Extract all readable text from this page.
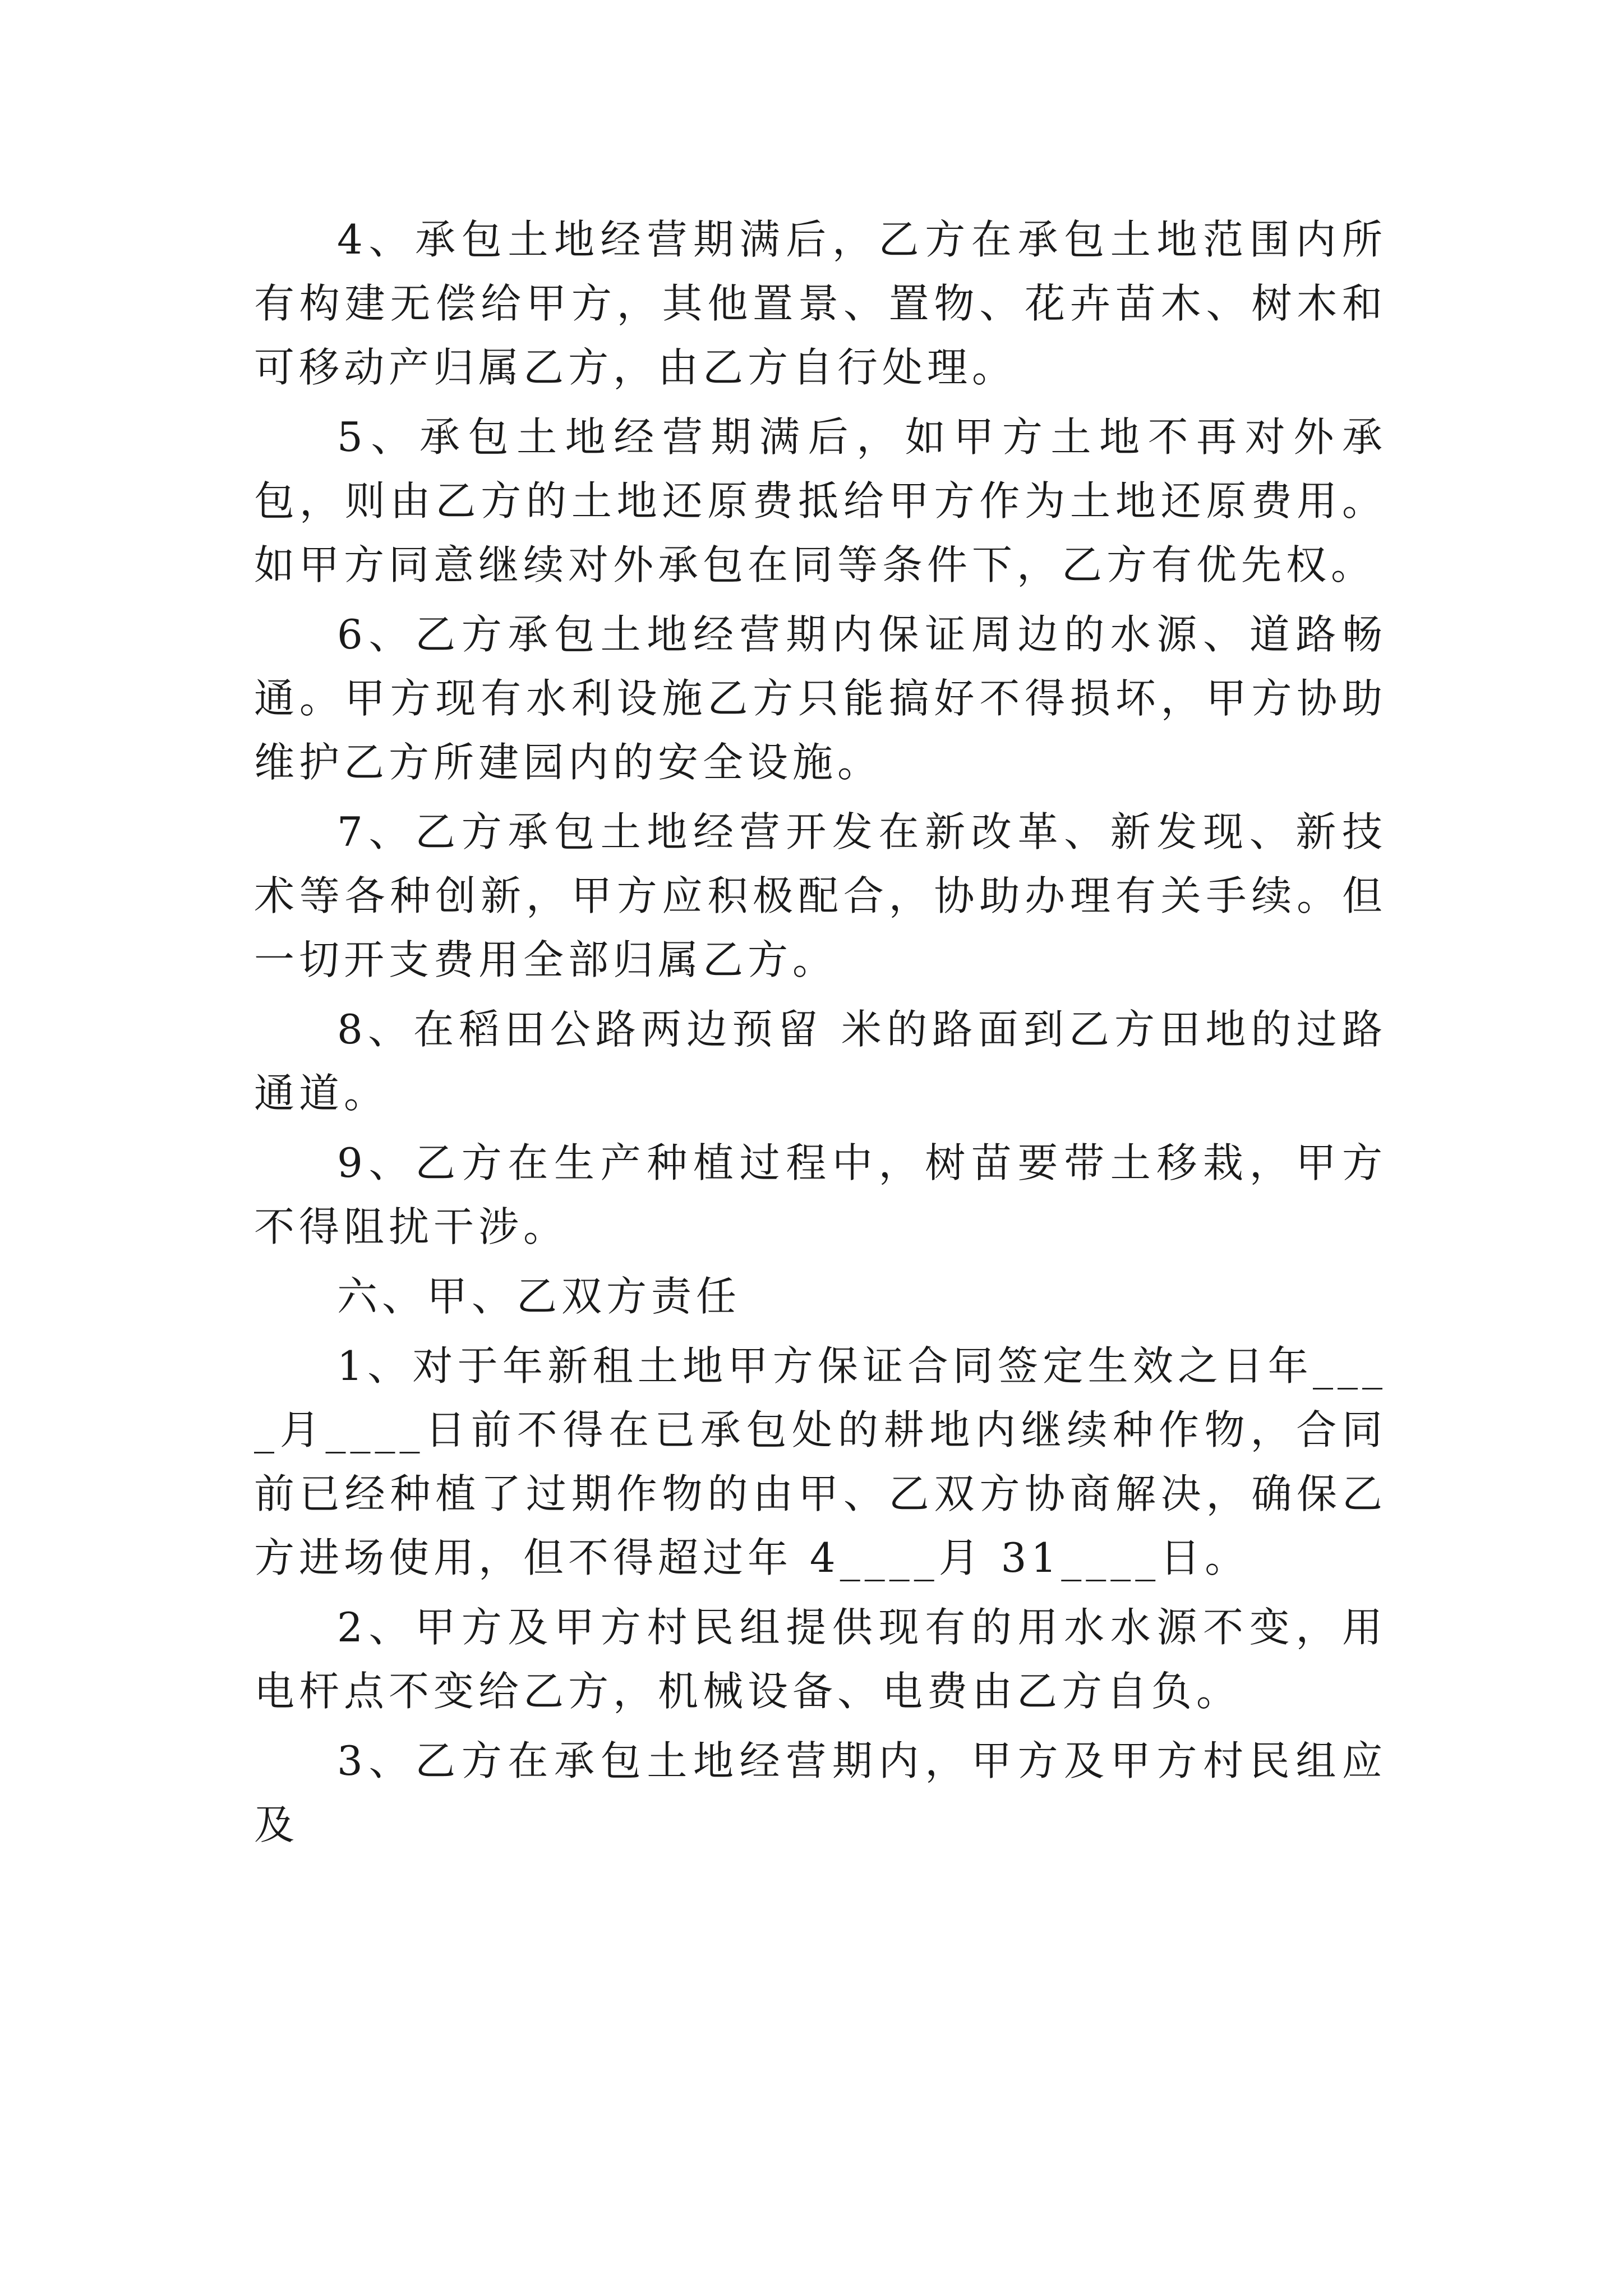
4、承包土地经营期满后，乙方在承包土地范围内所有构建无偿给甲方，其他置景、置物、花卉苗木、树木和可移动产归属乙方，由乙方自行处理。

5、承包土地经营期满后，如甲方土地不再对外承包，则由乙方的土地还原费抵给甲方作为土地还原费用。如甲方同意继续对外承包在同等条件下，乙方有优先权。

6、乙方承包土地经营期内保证周边的水源、道路畅通。甲方现有水利设施乙方只能搞好不得损坏，甲方协助维护乙方所建园内的安全设施。

7、乙方承包土地经营开发在新改革、新发现、新技术等各种创新，甲方应积极配合，协助办理有关手续。但一切开支费用全部归属乙方。

8、在稻田公路两边预留 米的路面到乙方田地的过路通道。

9、乙方在生产种植过程中，树苗要带土移栽，甲方不得阻扰干涉。

六、甲、乙双方责任

1、对于年新租土地甲方保证合同签定生效之日年____月____日前不得在已承包处的耕地内继续种作物，合同前已经种植了过期作物的由甲、乙双方协商解决，确保乙方进场使用，但不得超过年 4____月 31____日。

2、甲方及甲方村民组提供现有的用水水源不变，用电杆点不变给乙方，机械设备、电费由乙方自负。

3、乙方在承包土地经营期内，甲方及甲方村民组应及
